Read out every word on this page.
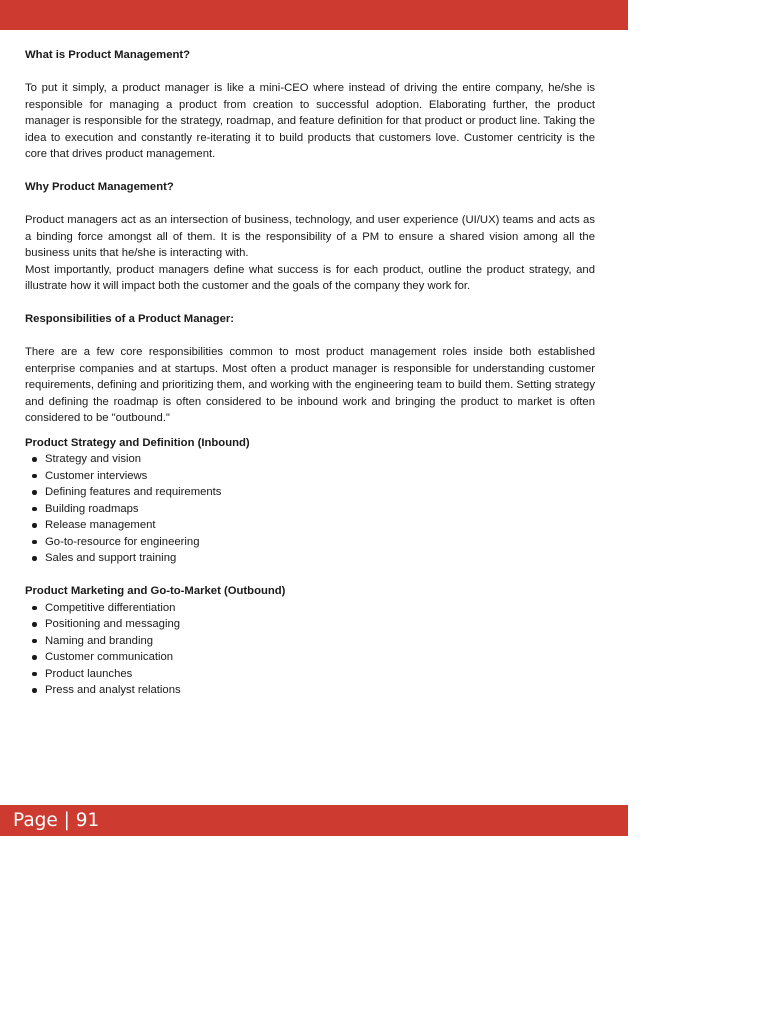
What is Product Management?

To put it simply, a product manager is like a mini-CEO where instead of driving the entire company, he/she is responsible for managing a product from creation to successful adoption. Elaborating further, the product manager is responsible for the strategy, roadmap, and feature definition for that product or product line. Taking the idea to execution and constantly re-iterating it to build products that customers love. Customer centricity is the core that drives product management.

Why Product Management?

Product managers act as an intersection of business, technology, and user experience (UI/UX) teams and acts as a binding force amongst all of them. It is the responsibility of a PM to ensure a shared vision among all the business units that he/she is interacting with.

Most importantly, product managers define what success is for each product, outline the product strategy, and illustrate how it will impact both the customer and the goals of the company they work for.

Responsibilities of a Product Manager:

There are a few core responsibilities common to most product management roles inside both established enterprise companies and at startups. Most often a product manager is responsible for understanding customer requirements, defining and prioritizing them, and working with the engineering team to build them. Setting strategy and defining the roadmap is often considered to be inbound work and bringing the product to market is often considered to be "outbound."

Product Strategy and Definition (Inbound)

Strategy and vision
Customer interviews
Defining features and requirements
Building roadmaps
Release management
Go-to-resource for engineering
Sales and support training

Product Marketing and Go-to-Market (Outbound)

Competitive differentiation
Positioning and messaging
Naming and branding
Customer communication
Product launches
Press and analyst relations
Page | 91
